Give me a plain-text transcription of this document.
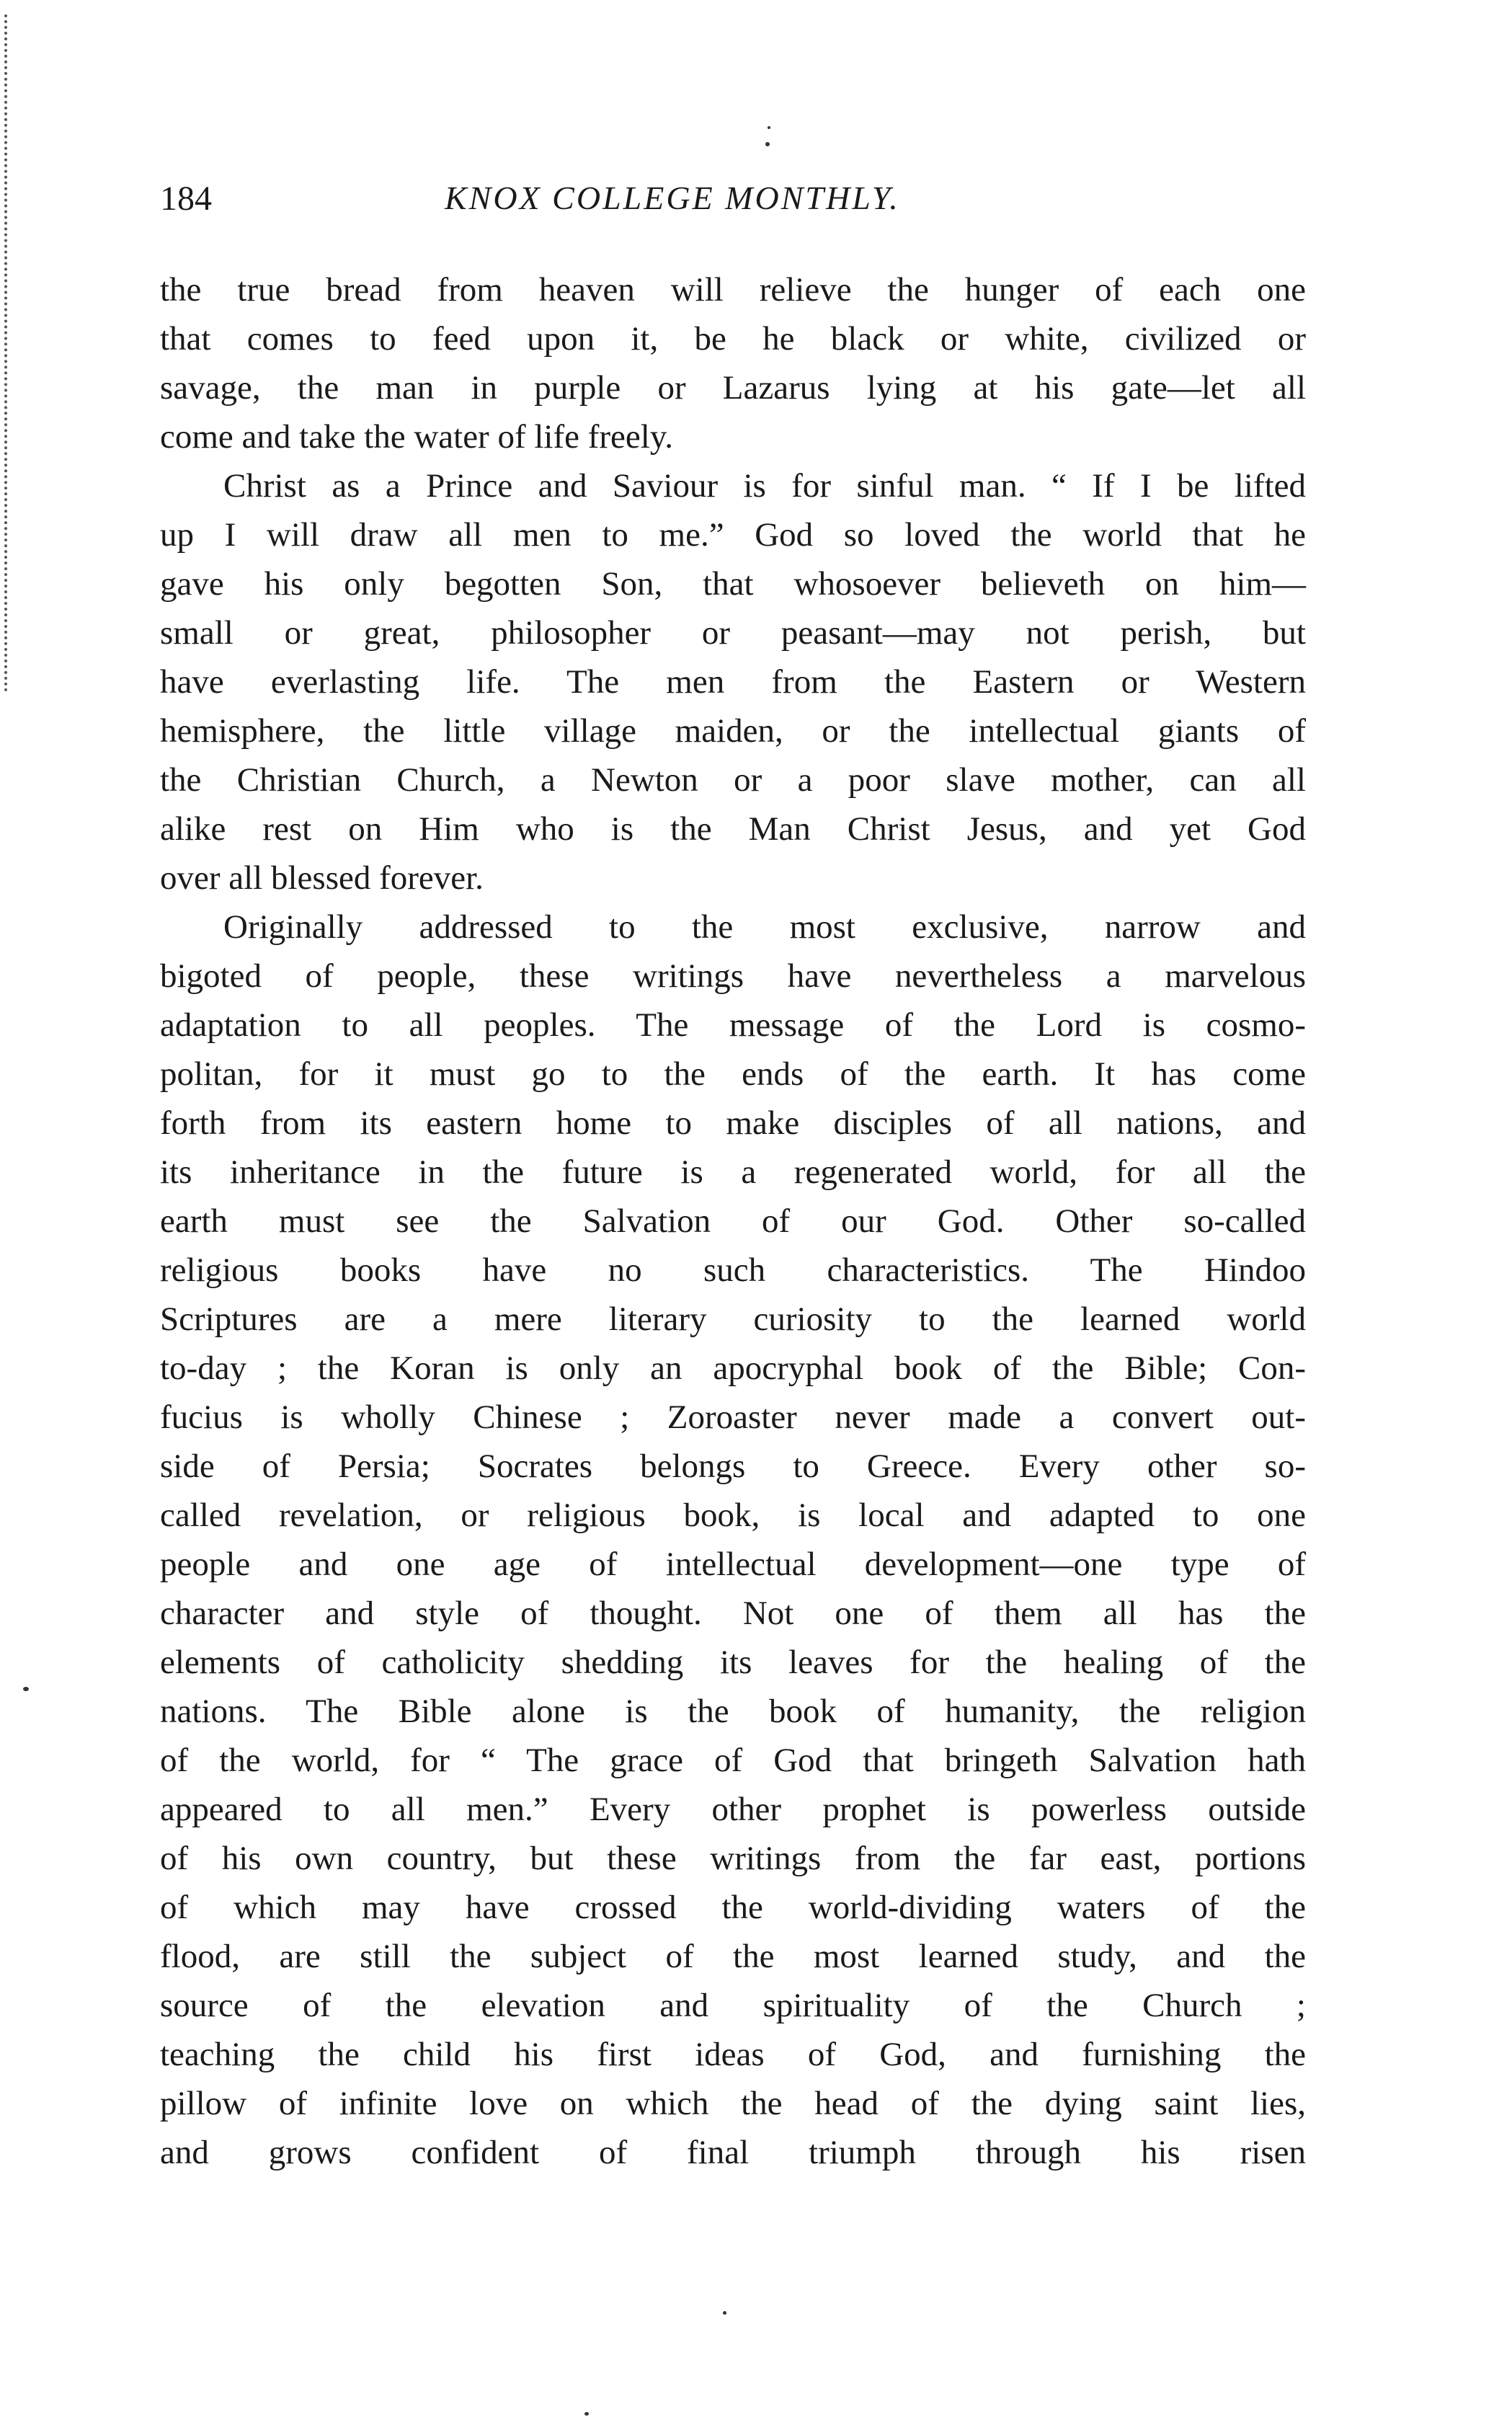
184	KNOX COLLEGE MONTHLY.
the true bread from heaven will relieve the hunger of each one
that comes to feed upon it, be he black or white, civilized or
savage, the man in purple or Lazarus lying at his gate—let all
come and take the water of life freely.
Christ as a Prince and Saviour is for sinful man. “ If I be lifted
up I will draw all men to me.” God so loved the world that he
gave his only begotten Son, that whosoever believeth on him—
small or great, philosopher or peasant—may not perish, but
have everlasting life. The men from the Eastern or Western
hemisphere, the little village maiden, or the intellectual giants of
the Christian Church, a Newton or a poor slave mother, can all
alike rest on Him who is the Man Christ Jesus, and yet God
over all blessed forever.
Originally addressed to the most exclusive, narrow and
bigoted of people, these writings have nevertheless a marvelous
adaptation to all peoples. The message of the Lord is cosmo-
politan, for it must go to the ends of the earth. It has come
forth from its eastern home to make disciples of all nations, and
its inheritance in the future is a regenerated world, for all the
earth must see the Salvation of our God. Other so-called
religious books have no such characteristics. The Hindoo
Scriptures are a mere literary curiosity to the learned world
to-day ; the Koran is only an apocryphal book of the Bible; Con-
fucius is wholly Chinese ; Zoroaster never made a convert out-
side of Persia; Socrates belongs to Greece. Every other so-
called revelation, or religious book, is local and adapted to one
people and one age of intellectual development—one type of
character and style of thought. Not one of them all has the
elements of catholicity shedding its leaves for the healing of the
nations. The Bible alone is the book of humanity, the religion
of the world, for “ The grace of God that bringeth Salvation hath
appeared to all men.” Every other prophet is powerless outside
of his own country, but these writings from the far east, portions
of which may have crossed the world-dividing waters of the
flood, are still the subject of the most learned study, and the
source of the elevation and spirituality of the Church ;
teaching the child his first ideas of God, and furnishing the
pillow of infinite love on which the head of the dying saint lies,
and grows confident of final triumph through his risen
